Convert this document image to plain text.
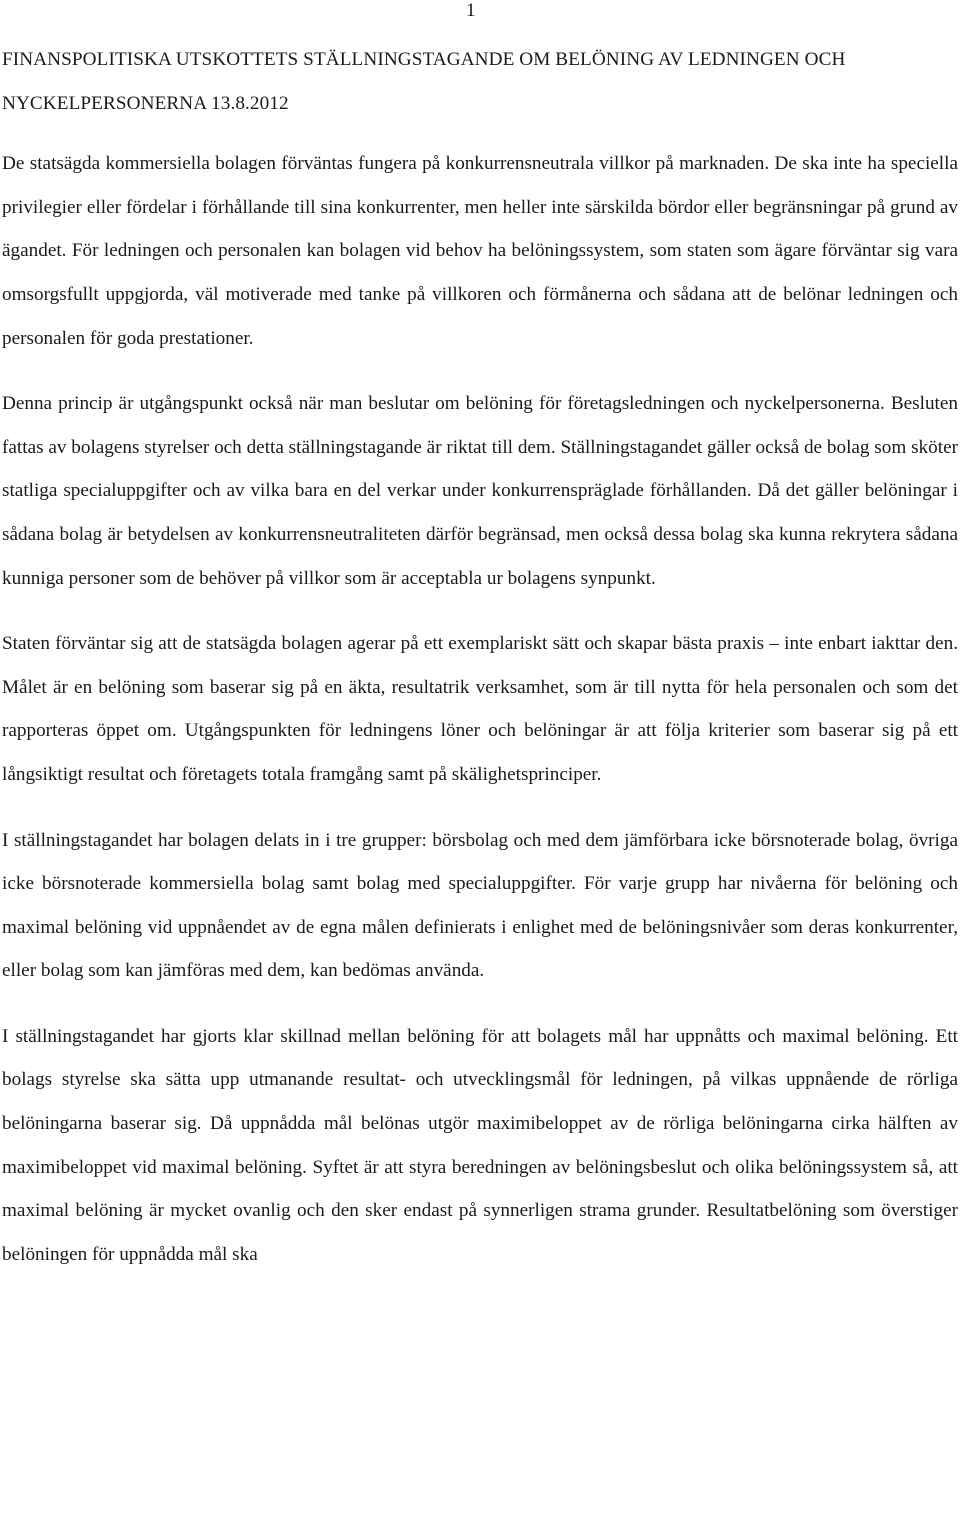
1
FINANSPOLITISKA UTSKOTTETS STÄLLNINGSTAGANDE OM BELÖNING AV LEDNINGEN OCH NYCKELPERSONERNA 13.8.2012

De statsägda kommersiella bolagen förväntas fungera på konkurrensneutrala villkor på marknaden. De ska inte ha speciella privilegier eller fördelar i förhållande till sina konkurrenter, men heller inte särskilda bördor eller begränsningar på grund av ägandet. För ledningen och personalen kan bolagen vid behov ha belöningssystem, som staten som ägare förväntar sig vara omsorgsfullt uppgjorda, väl motiverade med tanke på villkoren och förmånerna och sådana att de belönar ledningen och personalen för goda prestationer.

Denna princip är utgångspunkt också när man beslutar om belöning för företagsledningen och nyckelpersonerna. Besluten fattas av bolagens styrelser och detta ställningstagande är riktat till dem. Ställningstagandet gäller också de bolag som sköter statliga specialuppgifter och av vilka bara en del verkar under konkurrenspräglade förhållanden. Då det gäller belöningar i sådana bolag är betydelsen av konkurrensneutraliteten därför begränsad, men också dessa bolag ska kunna rekrytera sådana kunniga personer som de behöver på villkor som är acceptabla ur bolagens synpunkt.

Staten förväntar sig att de statsägda bolagen agerar på ett exemplariskt sätt och skapar bästa praxis – inte enbart iakttar den. Målet är en belöning som baserar sig på en äkta, resultatrik verksamhet, som är till nytta för hela personalen och som det rapporteras öppet om. Utgångspunkten för ledningens löner och belöningar är att följa kriterier som baserar sig på ett långsiktigt resultat och företagets totala framgång samt på skälighetsprinciper.

I ställningstagandet har bolagen delats in i tre grupper: börsbolag och med dem jämförbara icke börsnoterade bolag, övriga icke börsnoterade kommersiella bolag samt bolag med specialuppgifter. För varje grupp har nivåerna för belöning och maximal belöning vid uppnåendet av de egna målen definierats i enlighet med de belöningsnivåer som deras konkurrenter, eller bolag som kan jämföras med dem, kan bedömas använda.

I ställningstagandet har gjorts klar skillnad mellan belöning för att bolagets mål har uppnåtts och maximal belöning. Ett bolags styrelse ska sätta upp utmanande resultat- och utvecklingsmål för ledningen, på vilkas uppnående de rörliga belöningarna baserar sig. Då uppnådda mål belönas utgör maximibeloppet av de rörliga belöningarna cirka hälften av maximibeloppet vid maximal belöning. Syftet är att styra beredningen av belöningsbeslut och olika belöningssystem så, att maximal belöning är mycket ovanlig och den sker endast på synnerligen strama grunder. Resultatbelöning som överstiger belöningen för uppnådda mål ska
